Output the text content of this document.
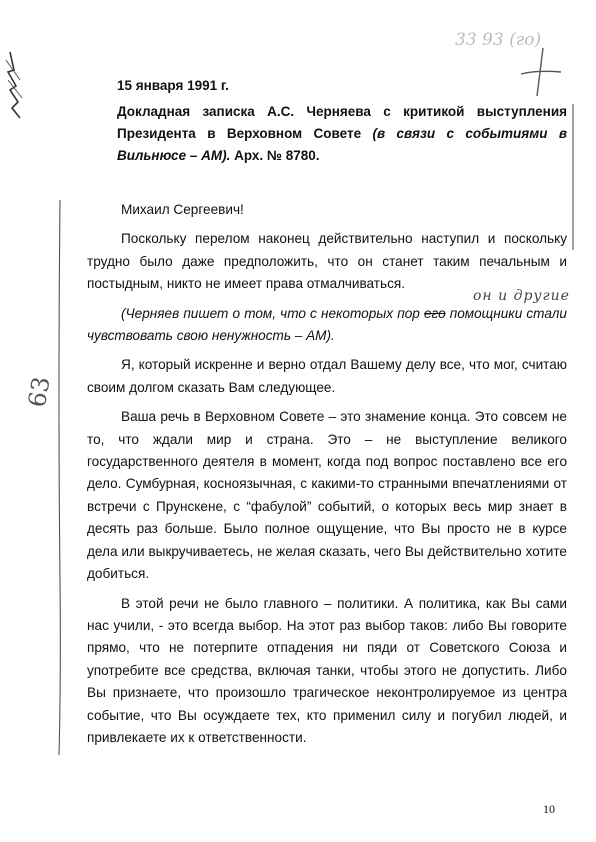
33 93 (го)
15 января 1991 г.
Докладная записка А.С. Черняева с критикой выступления Президента в Верховном Совете (в связи с событиями в Вильнюсе – АМ). Арх. № 8780.
63

Михаил Сергеевич!

Поскольку перелом наконец действительно наступил и поскольку трудно было даже предположить, что он станет таким печальным и постыдным, никто не имеет права отмалчиваться.

(Черняев пишет о том, что с некоторых пор его помощники стали чувствовать свою ненужность – АМ).
он и другие

Я, который искренне и верно отдал Вашему делу все, что мог, считаю своим долгом сказать Вам следующее.

Ваша речь в Верховном Совете – это знамение конца. Это совсем не то, что ждали мир и страна. Это – не выступление великого государственного деятеля в момент, когда под вопрос поставлено все его дело. Сумбурная, косноязычная, с какими-то странными впечатлениями от встречи с Прунскене, с “фабулой” событий, о которых весь мир знает в десять раз больше. Было полное ощущение, что Вы просто не в курсе дела или выкручиваетесь, не желая сказать, чего Вы действительно хотите добиться.

В этой речи не было главного – политики. А политика, как Вы сами нас учили, - это всегда выбор. На этот раз выбор таков: либо Вы говорите прямо, что не потерпите отпадения ни пяди от Советского Союза и употребите все средства, включая танки, чтобы этого не допустить. Либо Вы признаете, что произошло трагическое неконтролируемое из центра событие, что Вы осуждаете тех, кто применил силу и погубил людей, и привлекаете их к ответственности.

10
